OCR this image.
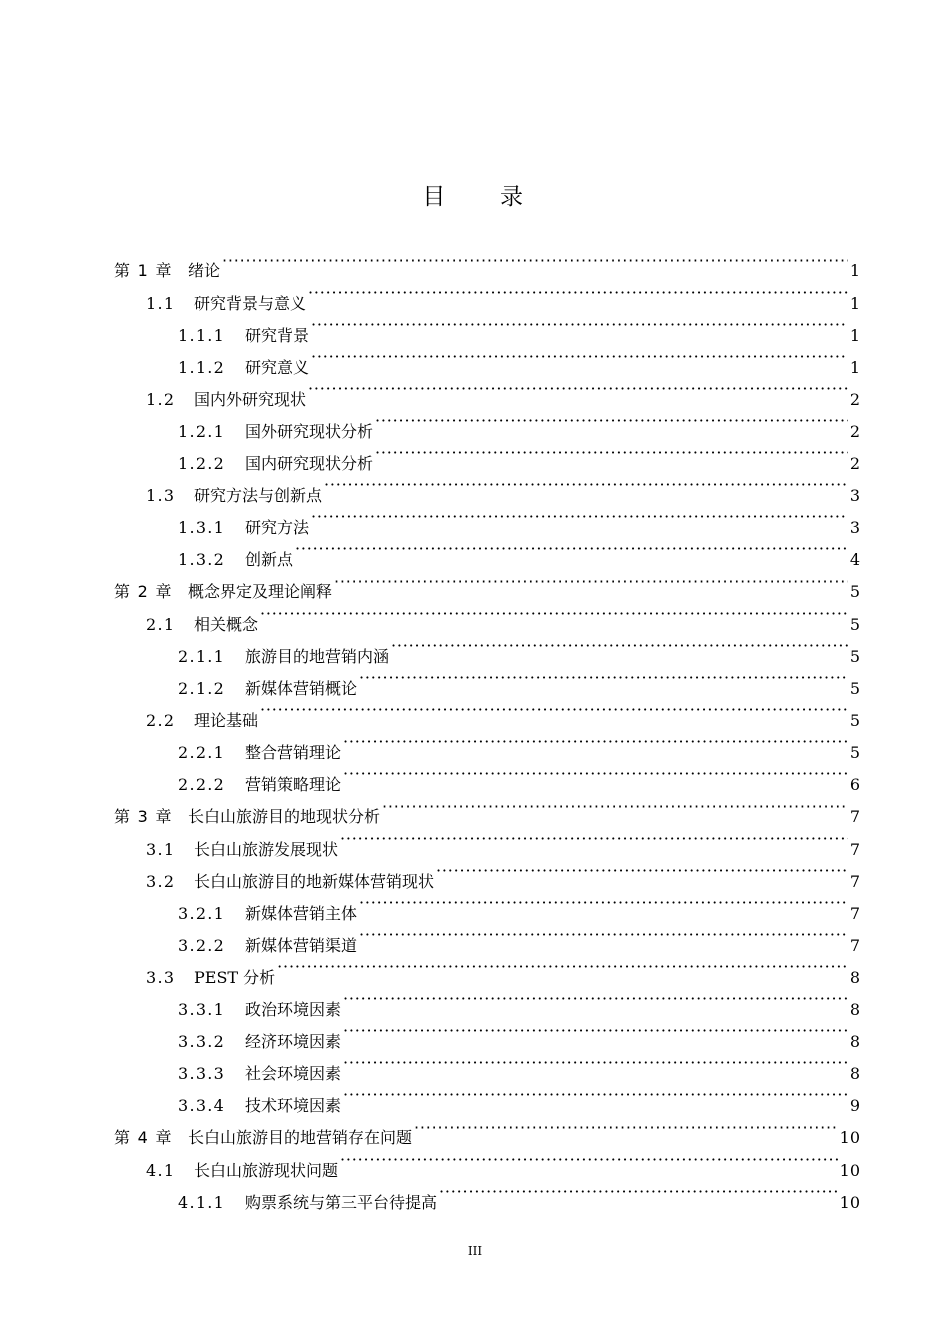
目 录
第 1 章 绪论 ·····	1
1.1	研究背景与意义 ·····	1
1.1.1	研究背景 ·····	1
1.1.2	研究意义 ·····	1
1.2	国内外研究现状 ·····	2
1.2.1	国外研究现状分析 ·····	2
1.2.2	国内研究现状分析 ·····	2
1.3	研究方法与创新点 ·····	3
1.3.1	研究方法 ·····	3
1.3.2	创新点 ·····	4
第 2 章 概念界定及理论阐释 ·····	5
2.1	相关概念 ·····	5
2.1.1	旅游目的地营销内涵 ·····	5
2.1.2	新媒体营销概论 ·····	5
2.2	理论基础 ·····	5
2.2.1	整合营销理论 ·····	5
2.2.2	营销策略理论 ·····	6
第 3 章 长白山旅游目的地现状分析 ·····	7
3.1	长白山旅游发展现状 ·····	7
3.2	长白山旅游目的地新媒体营销现状 ·····	7
3.2.1	新媒体营销主体 ·····	7
3.2.2	新媒体营销渠道 ·····	7
3.3	PEST 分析 ·····	8
3.3.1	政治环境因素 ·····	8
3.3.2	经济环境因素 ·····	8
3.3.3	社会环境因素 ·····	8
3.3.4	技术环境因素 ·····	9
第 4 章 长白山旅游目的地营销存在问题 ·····	10
4.1	长白山旅游现状问题 ·····	10
4.1.1	购票系统与第三平台待提高 ·····	10
III
